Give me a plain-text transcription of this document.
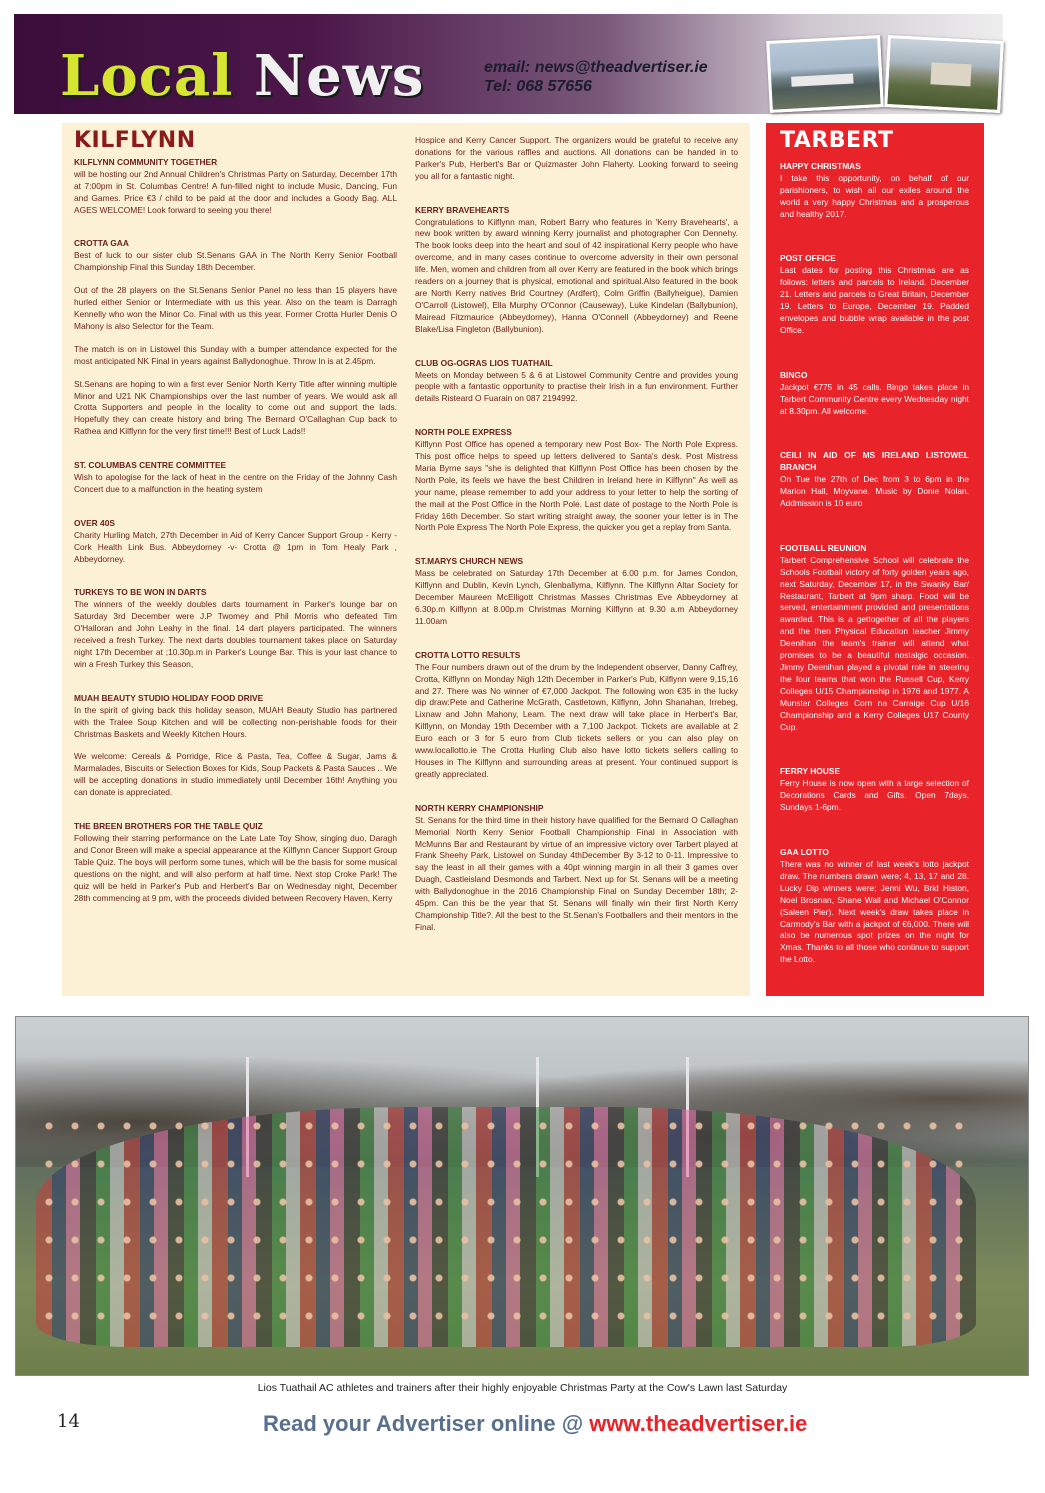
Local News	email: news@theadvertiser.ie
Tel: 068 57656
KILFLYNN
KILFLYNN COMMUNITY TOGETHER
will be hosting our 2nd Annual Children's Christmas Party on Saturday, December 17th at 7:00pm in St. Columbas Centre! A fun-filled night to include Music, Dancing, Fun and Games. Price €3 / child to be paid at the door and includes a Goody Bag. ALL AGES WELCOME! Look forward to seeing you there!
CROTTA GAA
Best of luck to our sister club St.Senans GAA in The North Kerry Senior Football Championship Final this Sunday 18th December.
Out of the 28 players on the St.Senans Senior Panel no less than 15 players have hurled either Senior or Intermediate with us this year. Also on the team is Darragh Kennelly who won the Minor Co. Final with us this year. Former Crotta Hurler Denis O Mahony is also Selector for the Team.
The match is on in Listowel this Sunday with a bumper attendance expected for the most anticipated NK Final in years against Ballydonoghue. Throw In is at 2.45pm.
St.Senans are hoping to win a first ever Senior North Kerry Title after winning multiple Minor and U21 NK Championships over the last number of years. We would ask all Crotta Supporters and people in the locality to come out and support the lads. Hopefully they can create history and bring The Bernard O'Callaghan Cup back to Rathea and Kilflynn for the very first time!!! Best of Luck Lads!!
ST. COLUMBAS CENTRE COMMITTEE
Wish to apologise for the lack of heat in the centre on the Friday of the Johnny Cash Concert due to a malfunction in the heating system
OVER 40S
Charity Hurling Match, 27th December in Aid of Kerry Cancer Support Group - Kerry - Cork Health Link Bus. Abbeydorney -v- Crotta @ 1pm in Tom Healy Park , Abbeydorney.
TURKEYS TO BE WON IN DARTS
The winners of the weekly doubles darts tournament in Parker's lounge bar on Saturday 3rd December were J.P Twomey and Phil Morris who defeated Tim O'Halloran and John Leahy in the final. 14 dart players participated. The winners received a fresh Turkey. The next darts doubles tournament takes place on Saturday night 17th December at ;10.30p.m in Parker's Lounge Bar. This is your last chance to win a Fresh Turkey this Season,
MUAH BEAUTY STUDIO HOLIDAY FOOD DRIVE
In the spirit of giving back this holiday season, MUAH Beauty Studio has partnered with the Tralee Soup Kitchen and will be collecting non-perishable foods for their Christmas Baskets and Weekly Kitchen Hours.
We welcome: Cereals & Porridge, Rice & Pasta, Tea, Coffee & Sugar, Jams & Marmalades, Biscuits or Selection Boxes for Kids, Soup Packets & Pasta Sauces .. We will be accepting donations in studio immediately until December 16th! Anything you can donate is appreciated.
THE BREEN BROTHERS FOR THE TABLE QUIZ
Following their starring performance on the Late Late Toy Show, singing duo, Daragh and Conor Breen will make a special appearance at the Kilflynn Cancer Support Group Table Quiz. The boys will perform some tunes, which will be the basis for some musical questions on the night, and will also perform at half time. Next stop Croke Park! The quiz will be held in Parker's Pub and Herbert's Bar on Wednesday night, December 28th commencing at 9 pm, with the proceeds divided between Recovery Haven, Kerry
Hospice and Kerry Cancer Support. The organizers would be grateful to receive any donations for the various raffles and auctions. All donations can be handed in to Parker's Pub, Herbert's Bar or Quizmaster John Flaherty. Looking forward to seeing you all for a fantastic night.
KERRY BRAVEHEARTS
Congratulations to Kilflynn man, Robert Barry who features in 'Kerry Bravehearts', a new book written by award winning Kerry journalist and photographer Con Dennehy. The book looks deep into the heart and soul of 42 inspirational Kerry people who have overcome, and in many cases continue to overcome adversity in their own personal life. Men, women and children from all over Kerry are featured in the book which brings readers on a journey that is physical, emotional and spiritual.Also featured in the book are North Kerry natives Brid Courtney (Ardfert), Colm Griffin (Ballyheigue), Damien O'Carroll (Listowel), Ella Murphy O'Connor (Causeway), Luke Kindelan (Ballybunion), Mairead Fitzmaurice (Abbeydorney), Hanna O'Connell (Abbeydorney) and Reene Blake/Lisa Fingleton (Ballybunion).
CLUB OG-OGRAS LIOS TUATHAIL
Meets on Monday between 5 & 6 at Listowel Community Centre and provides young people with a fantastic opportunity to practise their Irish in a fun environment. Further details Risteard O Fuarain on 087 2194992.
NORTH POLE EXPRESS
Kilflynn Post Office has opened a temporary new Post Box- The North Pole Express. This post office helps to speed up letters delivered to Santa's desk. Post Mistress Maria Byrne says "she is delighted that Kilflynn Post Office has been chosen by the North Pole, its feels we have the best Children in Ireland here in Kilflynn" As well as your name, please remember to add your address to your letter to help the sorting of the mail at the Post Office in the North Pole. Last date of postage to the North Pole is Friday 16th December. So start writing straight away, the sooner your letter is in The North Pole Express The North Pole Express, the quicker you get a replay from Santa.
ST.MARYS CHURCH NEWS
Mass be celebrated on Saturday 17th December at 6.00 p.m. for James Condon, Kilflynn and Dublin, Kevin Lynch, Glenballyma, Kilflynn. The Kilflynn Altar Society for December Maureen McElligott Christmas Masses Christmas Eve Abbeydorney at 6.30p.m Kilflynn at 8.00p.m Christmas Morning Kilflynn at 9.30 a.m Abbeydorney 11.00am
CROTTA LOTTO RESULTS
The Four numbers drawn out of the drum by the Independent observer, Danny Caffrey, Crotta, Kilflynn on Monday Nigh 12th December in Parker's Pub, Kilflynn were 9,15,16 and 27. There was No winner of €7,000 Jackpot. The following won €35 in the lucky dip draw:Pete and Catherine McGrath, Castletown, Kilflynn, John Shanahan, Irrebeg, Lixnaw and John Mahony, Leam. The next draw will take place in Herbert's Bar, Kilflynn, on Monday 19th December with a 7,100 Jackpot. Tickets are available at 2 Euro each or 3 for 5 euro from Club tickets sellers or you can also play on www.locallotto.ie The Crotta Hurling Club also have lotto tickets sellers calling to Houses in The Kilflynn and surrounding areas at present. Your continued support is greatly appreciated.
NORTH KERRY CHAMPIONSHIP
St. Senans for the third time in their history have qualified for the Bernard O Callaghan Memorial North Kerry Senior Football Championship Final in Association with McMunns Bar and Restaurant by virtue of an impressive victory over Tarbert played at Frank Sheehy Park, Listowel on Sunday 4thDecember By 3-12 to 0-11. Impressive to say the least in all their games with a 40pt winning margin in all their 3 games over Duagh, Castleisland Desmonds and Tarbert. Next up for St. Senans will be a meeting with Ballydonoghue in the 2016 Championship Final on Sunday December 18th; 2-45pm. Can this be the year that St. Senans will finally win their first North Kerry Championship Title?. All the best to the St.Senan's Footballers and their mentors in the Final.
TARBERT
HAPPY CHRISTMAS
I take this opportunity, on behalf of our parishioners, to wish all our exiles around the world a very happy Christmas and a prosperous and healthy 2017.
POST OFFICE
Last dates for posting this Christmas are as follows: letters and parcels to Ireland. December 21. Letters and parcels to Great Britain, December 19. Letters to Europe, December 19. Padded envelopes and bubble wrap available in the post Office.
BINGO
Jackpot €775 in 45 calls. Bingo takes place in Tarbert Community Centre every Wednesday night at 8.30pm. All welcome.
CEILI IN AID OF MS IRELAND LISTOWEL BRANCH
On Tue the 27th of Dec from 3 to 6pm in the Marion Hall, Moyvane. Music by Donie Nolan. Addmission is 10 euro
FOOTBALL REUNION
Tarbert Comprehensive School will celebrate the Schools Football victory of forty golden years ago, next Saturday, December 17, in the Swanky Bar/ Restaurant, Tarbert at 9pm sharp. Food will be served, entertainment provided and presentations awarded. This is a gettogether of all the players and the then Physical Education teacher Jimmy Deenihan the team's trainer will attend what promises to be a beautiful nostalgic occasion. Jimmy Deenihan played a pivotal role in steering the four teams that won the Russell Cup, Kerry Colleges U/15 Championship in 1976 and 1977. A Munster Colleges Corn na Carraige Cup U/16 Championship and a Kerry Colleges U17 County Cup.
FERRY HOUSE
Ferry House is now open with a large selection of Decorations Cards and Gifts. Open 7days. Sundays 1-6pm.
GAA LOTTO
There was no winner of last week's lotto jackpot draw. The numbers drawn were; 4, 13, 17 and 28. Lucky Dip winners were; Jenni Wu, Brid Histon, Noel Brosnan, Shane Wall and Michael O'Connor (Saleen Pier). Next week's draw takes place in Carmody's Bar with a jackpot of €6,000. There will also be numerous spot prizes on the night for Xmas. Thanks to all those who continue to support the Lotto.
Lios Tuathail AC athletes and trainers after their highly enjoyable Christmas Party at the Cow's Lawn last Saturday
14	Read your Advertiser online @ www.theadvertiser.ie
